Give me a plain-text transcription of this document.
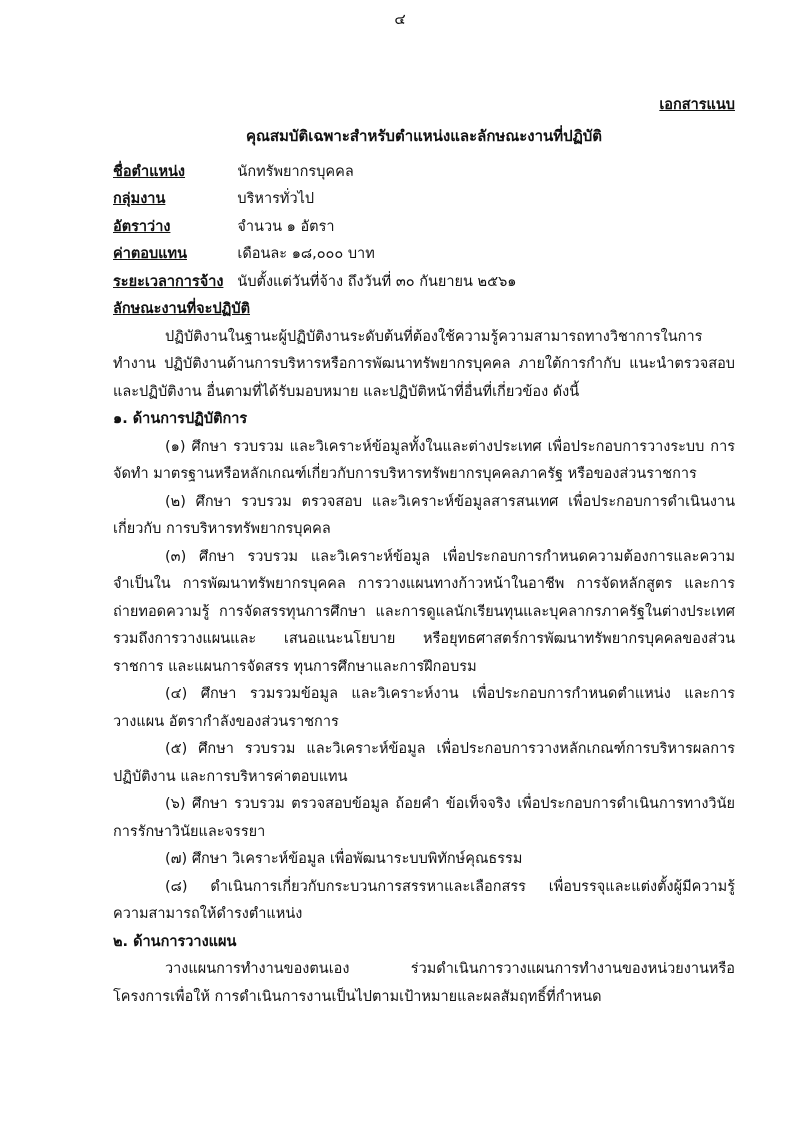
๔
เอกสารแนบ
คุณสมบัติเฉพาะสำหรับตำแหน่งและลักษณะงานที่ปฏิบัติ
ชื่อตำแหน่ง	นักทรัพยากรบุคคล
กลุ่มงาน	บริหารทั่วไป
อัตราว่าง	จำนวน ๑ อัตรา
ค่าตอบแทน	เดือนละ ๑๘,๐๐๐ บาท
ระยะเวลาการจ้าง	นับตั้งแต่วันที่จ้าง ถึงวันที่ ๓๐ กันยายน ๒๕๖๑
ลักษณะงานที่จะปฏิบัติ

ปฏิบัติงานในฐานะผู้ปฏิบัติงานระดับต้นที่ต้องใช้ความรู้ความสามารถทางวิชาการในการทำงาน ปฏิบัติงานด้านการบริหารหรือการพัฒนาทรัพยากรบุคคล ภายใต้การกำกับ แนะนำตรวจสอบ และปฏิบัติงาน อื่นตามที่ได้รับมอบหมาย และปฏิบัติหน้าที่อื่นที่เกี่ยวข้อง ดังนี้

๑. ด้านการปฏิบัติการ

(๑) ศึกษา รวบรวม และวิเคราะห์ข้อมูลทั้งในและต่างประเทศ เพื่อประกอบการวางระบบ การจัดทำ มาตรฐานหรือหลักเกณฑ์เกี่ยวกับการบริหารทรัพยากรบุคคลภาครัฐ หรือของส่วนราชการ

(๒) ศึกษา รวบรวม ตรวจสอบ และวิเคราะห์ข้อมูลสารสนเทศ เพื่อประกอบการดำเนินงานเกี่ยวกับ การบริหารทรัพยากรบุคคล

(๓) ศึกษา รวบรวม และวิเคราะห์ข้อมูล เพื่อประกอบการกำหนดความต้องการและความจำเป็นใน การพัฒนาทรัพยากรบุคคล การวางแผนทางก้าวหน้าในอาชีพ การจัดหลักสูตร และการถ่ายทอดความรู้ การจัดสรรทุนการศึกษา และการดูแลนักเรียนทุนและบุคลากรภาครัฐในต่างประเทศ รวมถึงการวางแผนและ เสนอแนะนโยบาย หรือยุทธศาสตร์การพัฒนาทรัพยากรบุคคลของส่วนราชการ และแผนการจัดสรร ทุนการศึกษาและการฝึกอบรม

(๔) ศึกษา รวมรวมข้อมูล และวิเคราะห์งาน เพื่อประกอบการกำหนดตำแหน่ง และการวางแผน อัตรากำลังของส่วนราชการ

(๕) ศึกษา รวบรวม และวิเคราะห์ข้อมูล เพื่อประกอบการวางหลักเกณฑ์การบริหารผลการปฏิบัติงาน และการบริหารค่าตอบแทน

(๖) ศึกษา รวบรวม ตรวจสอบข้อมูล ถ้อยคำ ข้อเท็จจริง เพื่อประกอบการดำเนินการทางวินัย การรักษาวินัยและจรรยา

(๗) ศึกษา วิเคราะห์ข้อมูล เพื่อพัฒนาระบบพิทักษ์คุณธรรม

(๘) ดำเนินการเกี่ยวกับกระบวนการสรรหาและเลือกสรร เพื่อบรรจุและแต่งตั้งผู้มีความรู้ ความสามารถให้ดำรงตำแหน่ง

๒. ด้านการวางแผน

วางแผนการทำงานของตนเอง ร่วมดำเนินการวางแผนการทำงานของหน่วยงานหรือโครงการเพื่อให้ การดำเนินการงานเป็นไปตามเป้าหมายและผลสัมฤทธิ์ที่กำหนด
